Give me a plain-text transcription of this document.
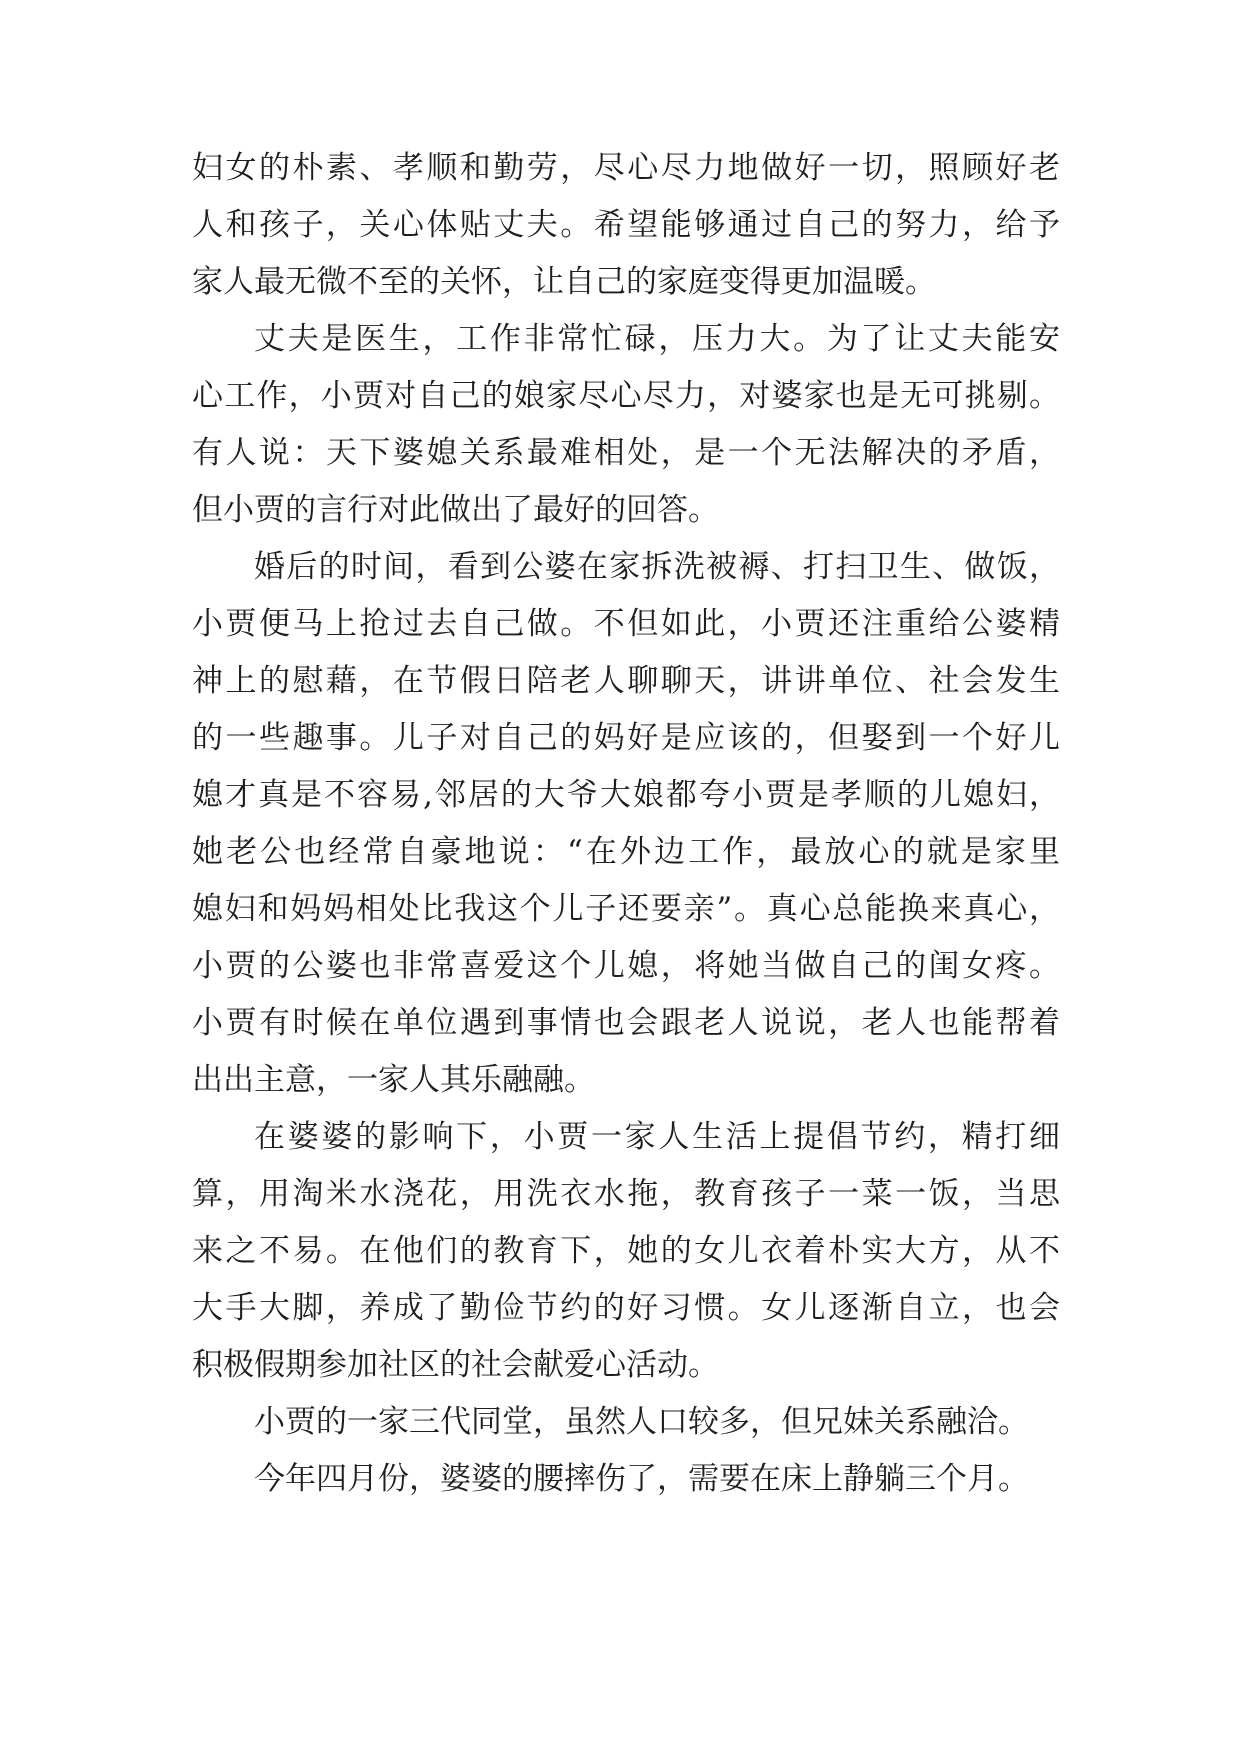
妇女的朴素、孝顺和勤劳，尽心尽力地做好一切，照顾好老
人和孩子，关心体贴丈夫。希望能够通过自己的努力，给予
家人最无微不至的关怀，让自己的家庭变得更加温暖。
丈夫是医生，工作非常忙碌，压力大。为了让丈夫能安
心工作，小贾对自己的娘家尽心尽力，对婆家也是无可挑剔。
有人说：天下婆媳关系最难相处，是一个无法解决的矛盾，
但小贾的言行对此做出了最好的回答。
婚后的时间，看到公婆在家拆洗被褥、打扫卫生、做饭，
小贾便马上抢过去自己做。不但如此，小贾还注重给公婆精
神上的慰藉，在节假日陪老人聊聊天，讲讲单位、社会发生
的一些趣事。儿子对自己的妈好是应该的，但娶到一个好儿
媳才真是不容易,邻居的大爷大娘都夸小贾是孝顺的儿媳妇，
她老公也经常自豪地说：“在外边工作，最放心的就是家里
媳妇和妈妈相处比我这个儿子还要亲”。真心总能换来真心，
小贾的公婆也非常喜爱这个儿媳，将她当做自己的闺女疼。
小贾有时候在单位遇到事情也会跟老人说说，老人也能帮着
出出主意，一家人其乐融融。
在婆婆的影响下，小贾一家人生活上提倡节约，精打细
算，用淘米水浇花，用洗衣水拖，教育孩子一菜一饭，当思
来之不易。在他们的教育下，她的女儿衣着朴实大方，从不
大手大脚，养成了勤俭节约的好习惯。女儿逐渐自立，也会
积极假期参加社区的社会献爱心活动。
小贾的一家三代同堂，虽然人口较多，但兄妹关系融洽。
今年四月份，婆婆的腰摔伤了，需要在床上静躺三个月。
